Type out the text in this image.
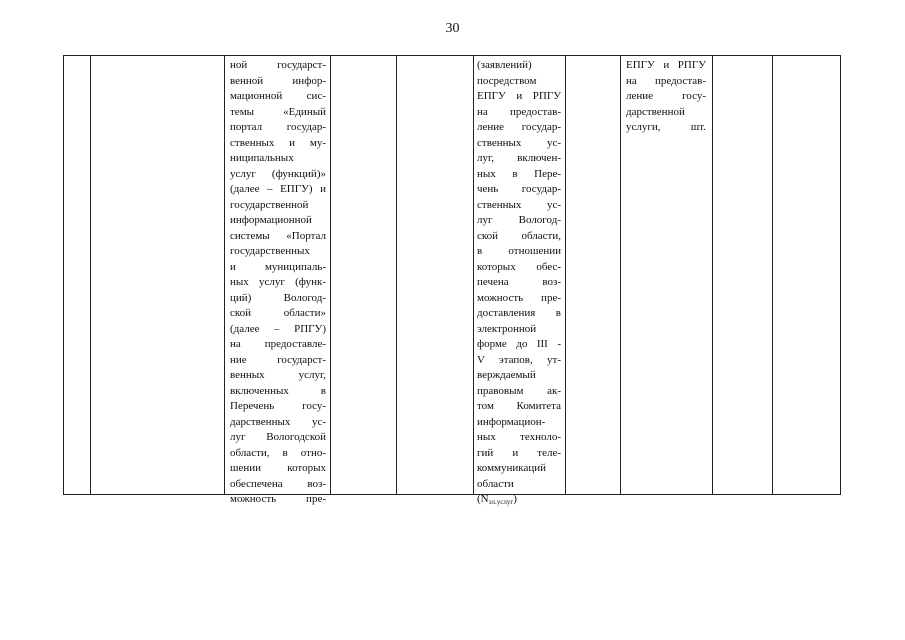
30
ной государст-
венной инфор-
мационной сис-
темы «Единый
портал государ-
ственных и му-
ниципальных
услуг (функций)»
(далее – ЕПГУ) и
государственной
информационной
системы «Портал
государственных
и муниципаль-
ных услуг (функ-
ций) Вологод-
ской области»
(далее – РПГУ)
на предоставле-
ние государст-
венных услуг,
включенных в
Перечень госу-
дарственных ус-
луг Вологодской
области, в отно-
шении которых
обеспечена воз-
можность пре-
(заявлений)
посредством
ЕПГУ и РПГУ
на предостав-
ление государ-
ственных ус-
луг, включен-
ных в Пере-
чень государ-
ственных ус-
луг Вологод-
ской области,
в отношении
которых обес-
печена воз-
можность пре-
доставления в
электронной
форме до III -
V этапов, ут-
верждаемый
правовым ак-
том Комитета
информацион-
ных техноло-
гий и теле-
коммуникаций
области
$(N_{эл.услуг})$
ЕПГУ и РПГУ
на предостав-
ление госу-
дарственной
услуги, шт.
